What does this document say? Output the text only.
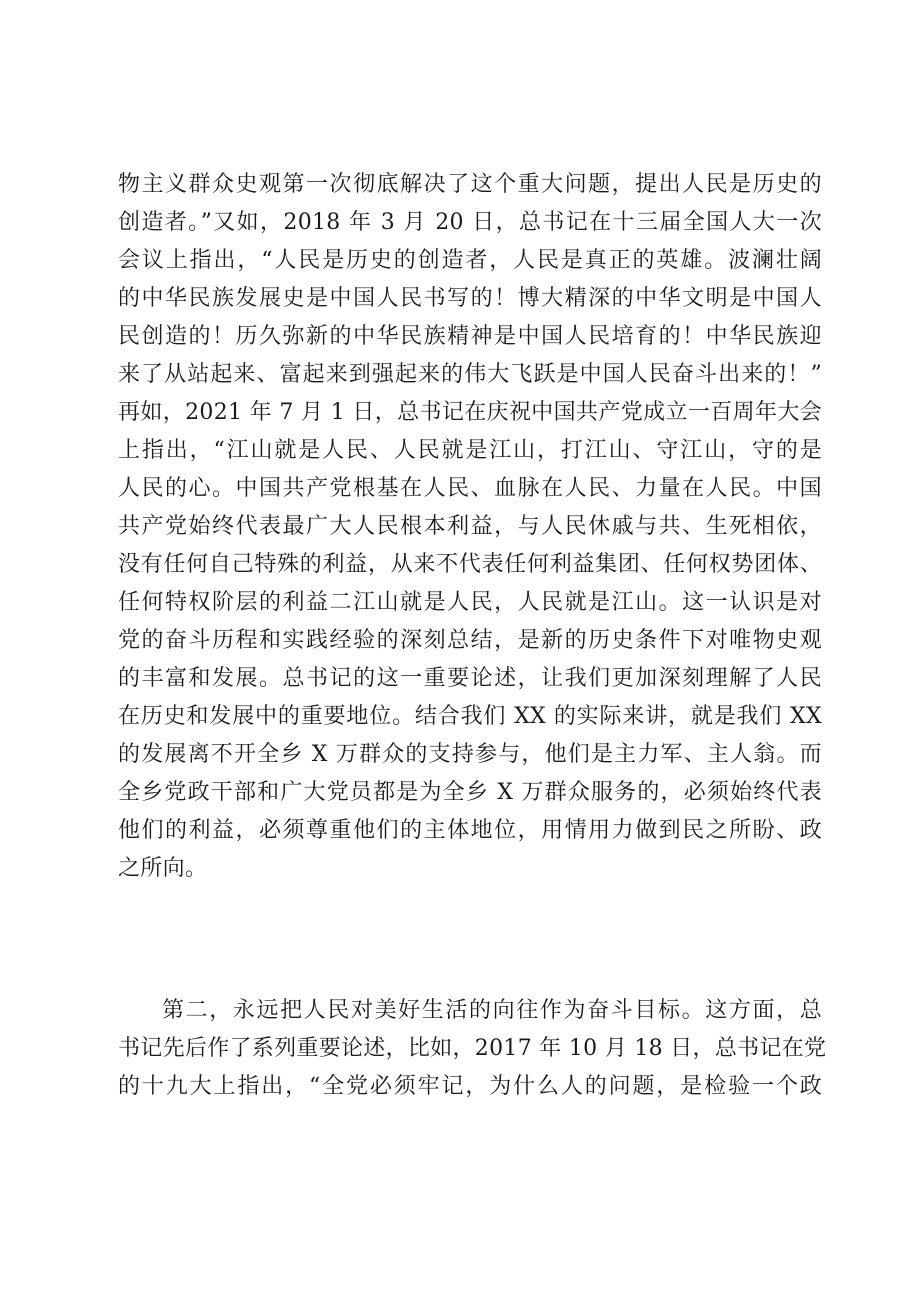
物主义群众史观第一次彻底解决了这个重大问题，提出人民是历史的
创造者。”又如，2018 年 3 月 20 日，总书记在十三届全国人大一次
会议上指出，“人民是历史的创造者，人民是真正的英雄。波澜壮阔
的中华民族发展史是中国人民书写的！博大精深的中华文明是中国人
民创造的！历久弥新的中华民族精神是中国人民培育的！中华民族迎
来了从站起来、富起来到强起来的伟大飞跃是中国人民奋斗出来的！”
再如，2021 年 7 月 1 日，总书记在庆祝中国共产党成立一百周年大会
上指出，“江山就是人民、人民就是江山，打江山、守江山，守的是
人民的心。中国共产党根基在人民、血脉在人民、力量在人民。中国
共产党始终代表最广大人民根本利益，与人民休戚与共、生死相依，
没有任何自己特殊的利益，从来不代表任何利益集团、任何权势团体、
任何特权阶层的利益二江山就是人民，人民就是江山。这一认识是对
党的奋斗历程和实践经验的深刻总结，是新的历史条件下对唯物史观
的丰富和发展。总书记的这一重要论述，让我们更加深刻理解了人民
在历史和发展中的重要地位。结合我们 XX 的实际来讲，就是我们 XX
的发展离不开全乡 X 万群众的支持参与，他们是主力军、主人翁。而
全乡党政干部和广大党员都是为全乡 X 万群众服务的，必须始终代表
他们的利益，必须尊重他们的主体地位，用情用力做到民之所盼、政
之所向。
第二，永远把人民对美好生活的向往作为奋斗目标。这方面，总
书记先后作了系列重要论述，比如，2017 年 10 月 18 日，总书记在党
的十九大上指出，“全党必须牢记，为什么人的问题，是检验一个政
